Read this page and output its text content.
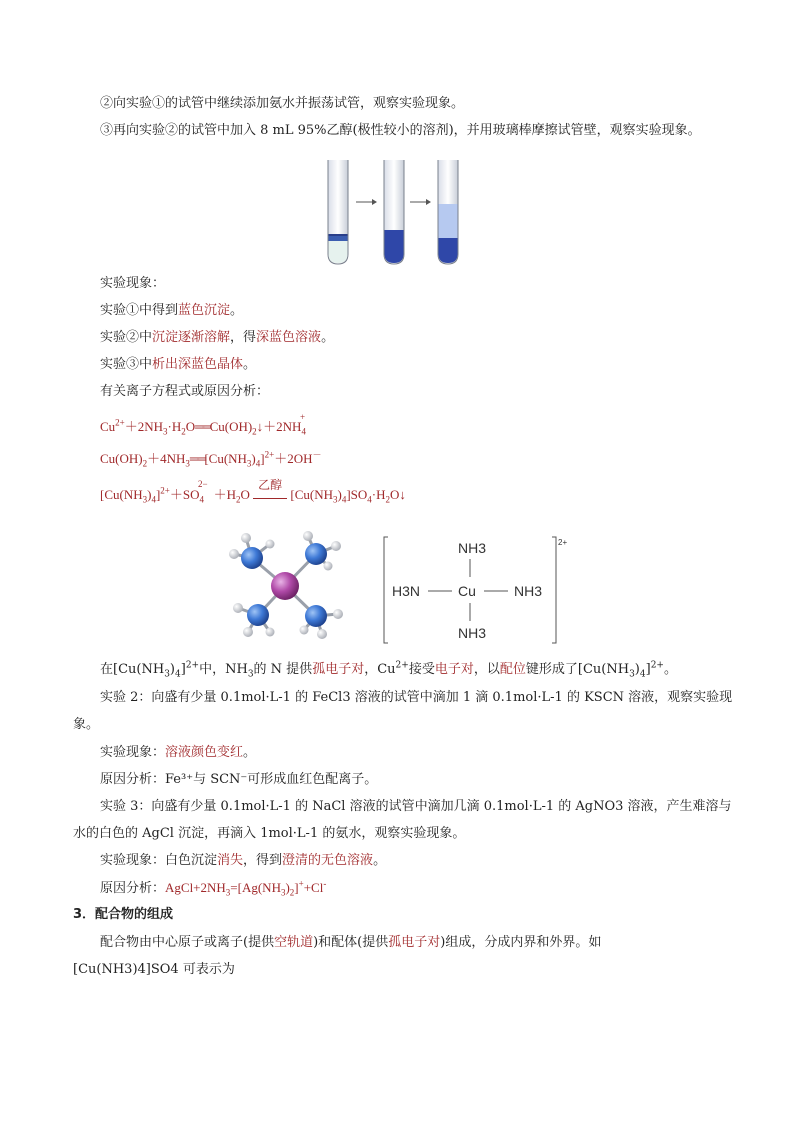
②向实验①的试管中继续添加氨水并振荡试管，观察实验现象。
③再向实验②的试管中加入 8 mL 95%乙醇(极性较小的溶剂)，并用玻璃棒摩擦试管壁，观察实验现象。
实验现象：
实验①中得到蓝色沉淀。
实验②中沉淀逐渐溶解，得深蓝色溶液。
实验③中析出深蓝色晶体。
有关离子方程式或原因分析：
$Cu^{2+}+2NH_3\cdot H_2O══Cu(OH)_2↓+2NH_4^+$
$Cu(OH)_2+4NH_3══[Cu(NH_3)_4]^{2+}+2OH^-$
$[Cu(NH_3)_4]^{2+}+SO_4^{2-}+H_2O$
乙醇
$[Cu(NH_3)_4]SO_4\cdot H_2O↓$
2+
NH3
H3N	Cu	NH3
NH3
在$[Cu(NH_3)_4]^{2+}$中，$NH_3$的 N 提供孤电子对，$Cu^{2+}$接受电子对，以配位键形成了$[Cu(NH_3)_4]^{2+}$。
实验 2：向盛有少量 0.1mol·L-1 的 FeCl3 溶液的试管中滴加 1 滴 0.1mol·L-1 的 KSCN 溶液，观察实验现
象。
实验现象：溶液颜色变红。
原因分析：Fe³⁺与 SCN⁻可形成血红色配离子。
实验 3：向盛有少量 0.1mol·L-1 的 NaCl 溶液的试管中滴加几滴 0.1mol·L-1 的 AgNO3 溶液，产生难溶与
水的白色的 AgCl 沉淀，再滴入 1mol·L-1 的氨水，观察实验现象。
实验现象：白色沉淀消失，得到澄清的无色溶液。
原因分析：$AgCl+2NH_3=[Ag(NH_3)_2]^++Cl^-$
3．配合物的组成
配合物由中心原子或离子(提供空轨道)和配体(提供孤电子对)组成，分成内界和外界。如
[Cu(NH3)4]SO4 可表示为
